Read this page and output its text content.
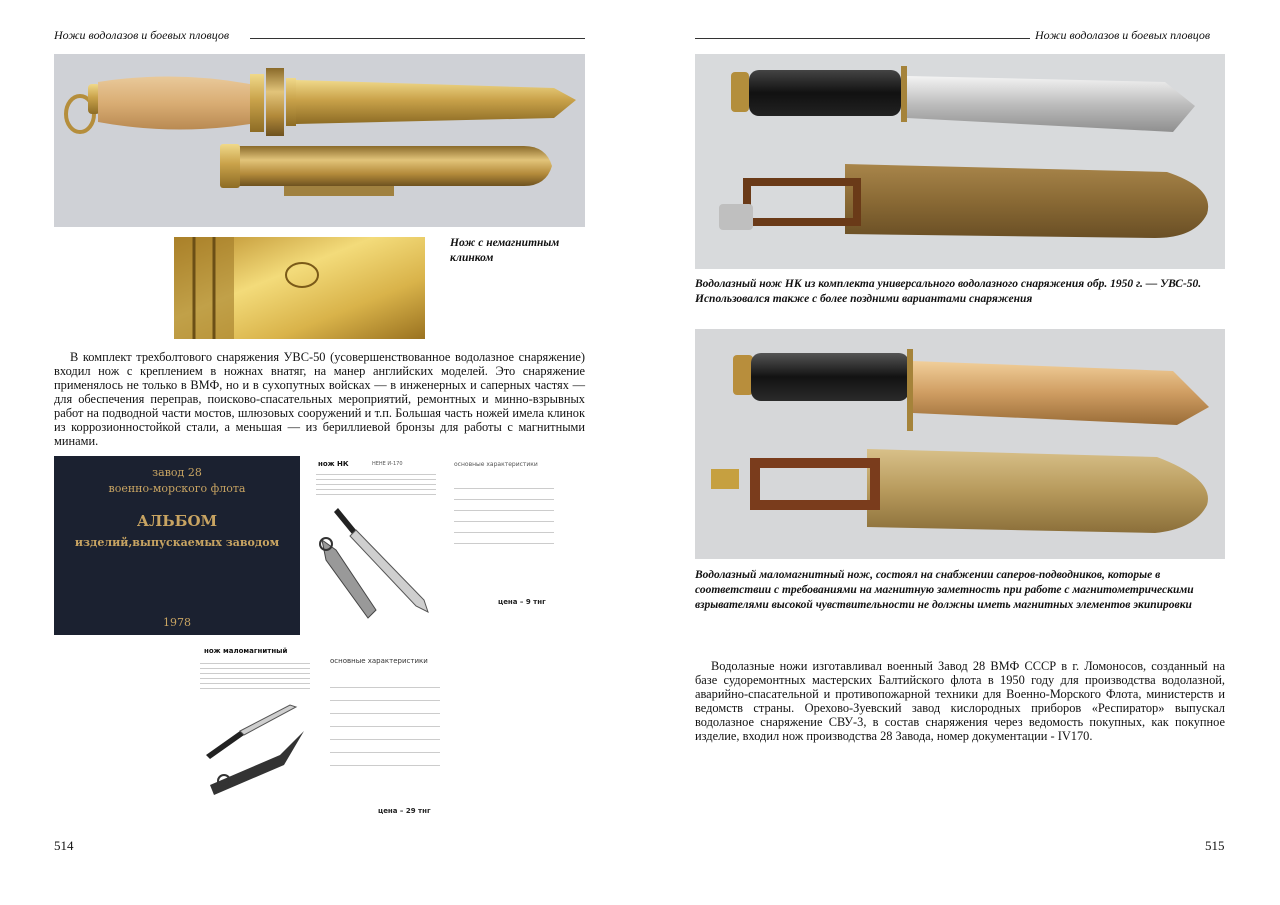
Ножи водолазов и боевых пловцов
Нож с немагнитным клинком

В комплект трехболтового снаряжения УВС-50 (усовершенствованное водолазное снаряжение) входил нож с креплением в ножнах внатяг, на манер английских моделей. Это снаряжение применялось не только в ВМФ, но и в сухопутных войсках — в инженерных и саперных частях — для обеспечения переправ, поисково-спасательных мероприятий, ремонтных и минно-взрывных работ на подводной части мостов, шлюзовых сооружений и т.п. Большая часть ножей имела клинок из коррозионностойкой стали, а меньшая — из бериллиевой бронзы для работы с магнитными минами.

завод 28
военно-морского флота
АЛЬБОМ
изделий,выпускаемых заводом
1978
нож НК	НЕНЕ И-170	основные характеристики
цена – 9 тнг
нож маломагнитный
основные характеристики
цена – 29 тнг
514
Ножи водолазов и боевых пловцов
Водолазный нож НК из комплекта универсального водолазного снаряжения обр. 1950 г. — УВС-50. Использовался также с более поздними вариантами снаряжения
Водолазный маломагнитный нож, состоял на снабжении саперов-подводников, которые в соответствии с требованиями на магнитную заметность при работе с магнитометрическими взрывателями высокой чувствительности не должны иметь магнитных элементов экипировки

Водолазные ножи изготавливал военный Завод 28 ВМФ СССР в г. Ломоносов, созданный на базе судоремонтных мастерских Балтийского флота в 1950 году для производства водолазной, аварийно-спасательной и противопожарной техники для Военно-Морского Флота, министерств и ведомств страны. Орехово-Зуевский завод кислородных приборов «Респиратор» выпускал водолазное снаряжение СВУ-3, в состав снаряжения через ведомость покупных, как покупное изделие, входил нож производства 28 Завода, номер документации - IV170.

515
